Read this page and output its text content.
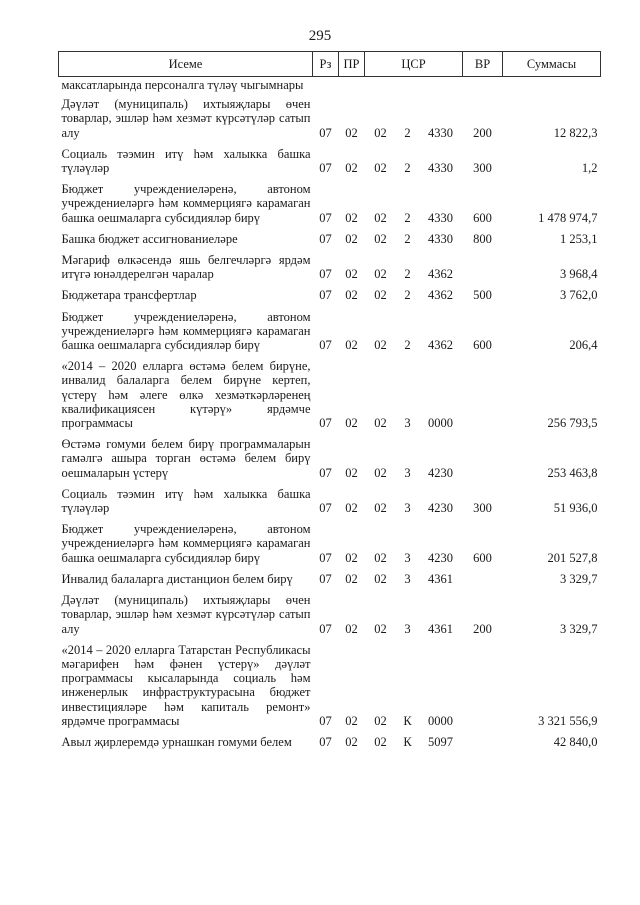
295
Исеме	Рз	ПР	ЦСР			ВР	Суммасы
максатларында персоналга түләү чыгымнары							
Дәүләт (муниципаль) ихтыяҗлары өчен товарлар, эшләр һәм хезмәт күрсәтүләр сатып алу	07	02	02	2	4330	200	12 822,3
Социаль тәэмин итү һәм халыкка башка түләүләр	07	02	02	2	4330	300	1,2
Бюджет учреждениеләренә, автоном учреждениеләргә һәм коммерциягә карамаган башка оешмаларга субсидияләр бирү	07	02	02	2	4330	600	1 478 974,7
Башка бюджет ассигнованиеләре	07	02	02	2	4330	800	1 253,1
Мәгариф өлкәсендә яшь белгечләргә ярдәм итүгә юнәлдерелгән чаралар	07	02	02	2	4362		3 968,4
Бюджетара трансфертлар	07	02	02	2	4362	500	3 762,0
Бюджет учреждениеләренә, автоном учреждениеләргә һәм коммерциягә карамаган башка оешмаларга субсидияләр бирү	07	02	02	2	4362	600	206,4
«2014 – 2020 елларга өстәмә белем бирүне, инвалид балаларга белем бирүне кертеп, үстерү һәм әлеге өлкә хезмәткәрләренең квалификациясен күтәрү» ярдәмче программасы	07	02	02	3	0000		256 793,5
Өстәмә гомуми белем бирү программаларын гамәлгә ашыра торган өстәмә белем бирү оешмаларын үстерү	07	02	02	3	4230		253 463,8
Социаль тәэмин итү һәм халыкка башка түләүләр	07	02	02	3	4230	300	51 936,0
Бюджет учреждениеләренә, автоном учреждениеләргә һәм коммерциягә карамаган башка оешмаларга субсидияләр бирү	07	02	02	3	4230	600	201 527,8
Инвалид балаларга дистанцион белем бирү	07	02	02	3	4361		3 329,7
Дәүләт (муниципаль) ихтыяҗлары өчен товарлар, эшләр һәм хезмәт күрсәтүләр сатып алу	07	02	02	3	4361	200	3 329,7
«2014 – 2020 елларга Татарстан Республикасы мәгарифен һәм фәнен үстерү» дәүләт программасы кысаларында социаль һәм инженерлык инфраструктурасына бюджет инвестицияләре һәм капиталь ремонт» ярдәмче программасы	07	02	02	К	0000		3 321 556,9
Авыл җирлеремдә урнашкан гомуми белем	07	02	02	К	5097		42 840,0
